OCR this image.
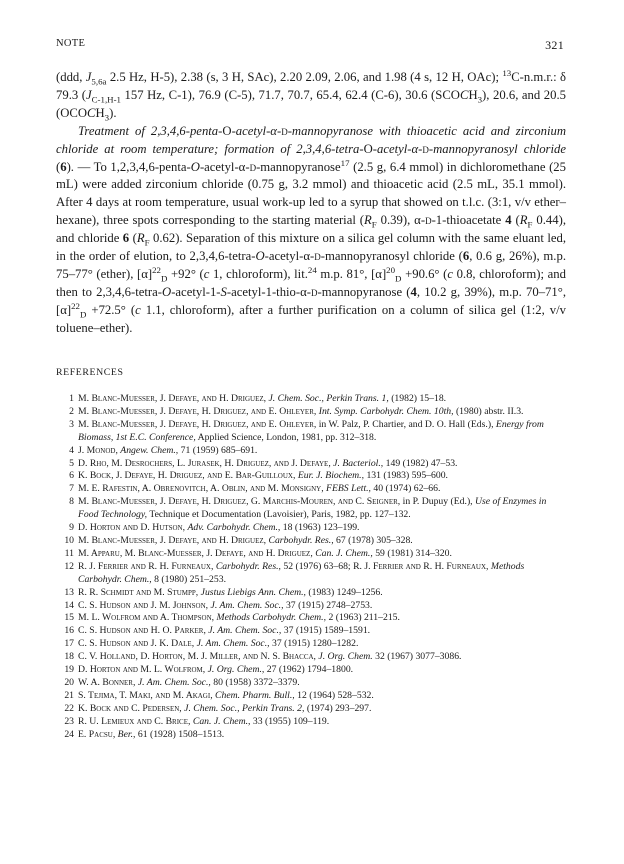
NOTE	321

(ddd, $J_{5,6a}$ 2.5 Hz, H-5), 2.38 (s, 3 H, SAc), 2.20 2.09, 2.06, and 1.98 (4 s, 12 H, OAc); $^{13}$C-n.m.r.: δ 79.3 ($J_{C-1,H-1}$ 157 Hz, C-1), 76.9 (C-5), 71.7, 70.7, 65.4, 62.4 (C-6), 30.6 $(SCOCH_3)$, 20.6, and 20.5 $(OCOCH_3)$.

Treatment of 2,3,4,6-penta-O-acetyl-α-d-mannopyranose with thioacetic acid and zirconium chloride at room temperature; formation of 2,3,4,6-tetra-O-acetyl-α-d-mannopyranosyl chloride (6). — To 1,2,3,4,6-penta-O-acetyl-α-d-mannopyranose$^{17}$ (2.5 g, 6.4 mmol) in dichloromethane (25 mL) were added zirconium chloride (0.75 g, 3.2 mmol) and thioacetic acid (2.5 mL, 35.1 mmol). After 4 days at room temperature, usual work-up led to a syrup that showed on t.l.c. (3:1, v/v ether–hexane), three spots corresponding to the starting material ($R_F$ 0.39), α-d-1-thioacetate 4 ($R_F$ 0.44), and chloride 6 ($R_F$ 0.62). Separation of this mixture on a silica gel column with the same eluant led, in the order of elution, to 2,3,4,6-tetra-O-acetyl-α-d-mannopyranosyl chloride (6, 0.6 g, 26%), m.p. 75–77° (ether), $[\alpha]^{22}_D +92^\circ$ (c 1, chloroform), lit.$^{24}$ m.p. 81°, $[\alpha]^{20}_D +90.6^\circ$ (c 0.8, chloroform); and then to 2,3,4,6-tetra-O-acetyl-1-S-acetyl-1-thio-α-d-mannopyranose (4, 10.2 g, 39%), m.p. 70–71°, $[\alpha]^{22}_D +72.5^\circ$ (c 1.1, chloroform), after a further purification on a column of silica gel (1:2, v/v toluene–ether).

REFERENCES
1 M. Blanc-Muesser, J. Defaye, and H. Driguez, J. Chem. Soc., Perkin Trans. 1, (1982) 15–18.
2 M. Blanc-Muesser, J. Defaye, H. Driguez, and E. Ohleyer, Int. Symp. Carbohydr. Chem. 10th, (1980) abstr. II.3.
3 M. Blanc-Muesser, J. Defaye, H. Driguez, and E. Ohleyer, in W. Palz, P. Chartier, and D. O. Hall (Eds.), Energy from Biomass, 1st E.C. Conference, Applied Science, London, 1981, pp. 312–318.
4 J. Monod, Angew. Chem., 71 (1959) 685–691.
5 D. Rho, M. Desrochers, L. Jurasek, H. Driguez, and J. Defaye, J. Bacteriol., 149 (1982) 47–53.
6 K. Bock, J. Defaye, H. Driguez, and E. Bar-Guilloux, Eur. J. Biochem., 131 (1983) 595–600.
7 M. E. Rafestin, A. Obrenovitch, A. Oblin, and M. Monsigny, FEBS Lett., 40 (1974) 62–66.
8 M. Blanc-Muesser, J. Defaye, H. Driguez, G. Marchis-Mouren, and C. Seigner, in P. Dupuy (Ed.), Use of Enzymes in Food Technology, Technique et Documentation (Lavoisier), Paris, 1982, pp. 127–132.
9 D. Horton and D. Hutson, Adv. Carbohydr. Chem., 18 (1963) 123–199.
10 M. Blanc-Muesser, J. Defaye, and H. Driguez, Carbohydr. Res., 67 (1978) 305–328.
11 M. Apparu, M. Blanc-Muesser, J. Defaye, and H. Driguez, Can. J. Chem., 59 (1981) 314–320.
12 R. J. Ferrier and R. H. Furneaux, Carbohydr. Res., 52 (1976) 63–68; R. J. Ferrier and R. H. Furneaux, Methods Carbohydr. Chem., 8 (1980) 251–253.
13 R. R. Schmidt and M. Stumpp, Justus Liebigs Ann. Chem., (1983) 1249–1256.
14 C. S. Hudson and J. M. Johnson, J. Am. Chem. Soc., 37 (1915) 2748–2753.
15 M. L. Wolfrom and A. Thompson, Methods Carbohydr. Chem., 2 (1963) 211–215.
16 C. S. Hudson and H. O. Parker, J. Am. Chem. Soc., 37 (1915) 1589–1591.
17 C. S. Hudson and J. K. Dale, J. Am. Chem. Soc., 37 (1915) 1280–1282.
18 C. V. Holland, D. Horton, M. J. Miller, and N. S. Bhacca, J. Org. Chem. 32 (1967) 3077–3086.
19 D. Horton and M. L. Wolfrom, J. Org. Chem., 27 (1962) 1794–1800.
20 W. A. Bonner, J. Am. Chem. Soc., 80 (1958) 3372–3379.
21 S. Tejima, T. Maki, and M. Akagi, Chem. Pharm. Bull., 12 (1964) 528–532.
22 K. Bock and C. Pedersen, J. Chem. Soc., Perkin Trans. 2, (1974) 293–297.
23 R. U. Lemieux and C. Brice, Can. J. Chem., 33 (1955) 109–119.
24 E. Pacsu, Ber., 61 (1928) 1508–1513.
